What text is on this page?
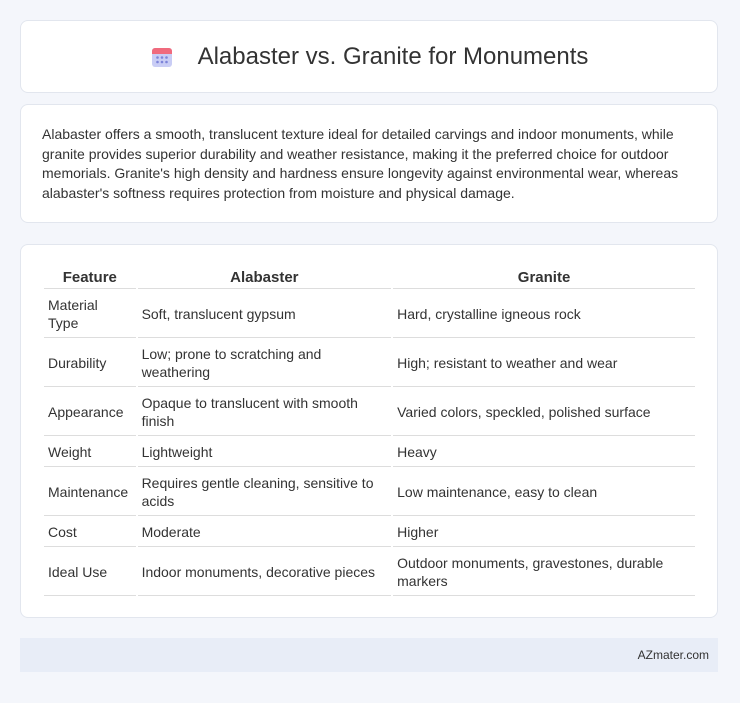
Alabaster vs. Granite for Monuments

Alabaster offers a smooth, translucent texture ideal for detailed carvings and indoor monuments, while granite provides superior durability and weather resistance, making it the preferred choice for outdoor memorials. Granite's high density and hardness ensure longevity against environmental wear, whereas alabaster's softness requires protection from moisture and physical damage.

Feature	Alabaster	Granite
Material Type	Soft, translucent gypsum	Hard, crystalline igneous rock
Durability	Low; prone to scratching and weathering	High; resistant to weather and wear
Appearance	Opaque to translucent with smooth finish	Varied colors, speckled, polished surface
Weight	Lightweight	Heavy
Maintenance	Requires gentle cleaning, sensitive to acids	Low maintenance, easy to clean
Cost	Moderate	Higher
Ideal Use	Indoor monuments, decorative pieces	Outdoor monuments, gravestones, durable markers
AZmater.com
